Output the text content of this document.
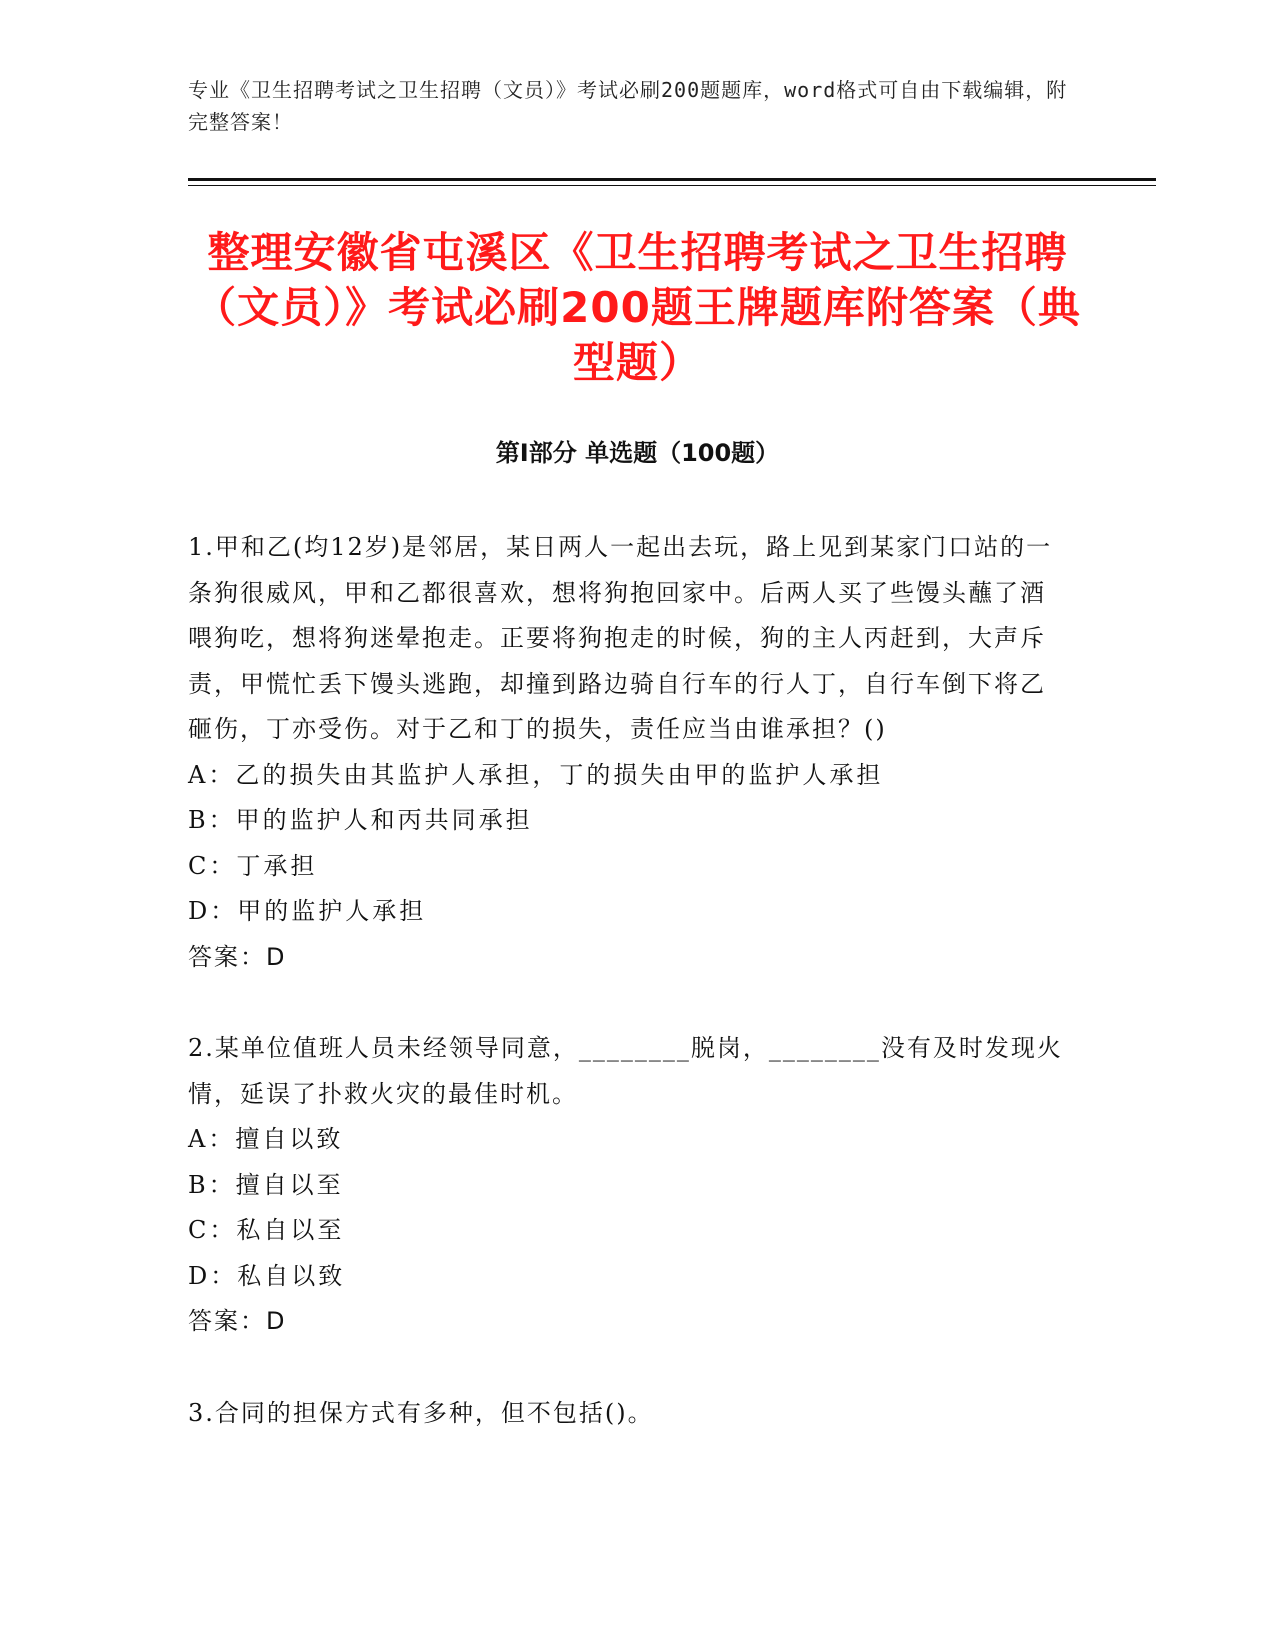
专业《卫生招聘考试之卫生招聘（文员）》考试必刷200题题库，word格式可自由下载编辑，附完整答案！
整理安徽省屯溪区《卫生招聘考试之卫生招聘（文员）》考试必刷200题王牌题库附答案（典型题）
第Ⅰ部分 单选题（100题）
1.甲和乙(均12岁)是邻居，某日两人一起出去玩，路上见到某家门口站的一条狗很威风，甲和乙都很喜欢，想将狗抱回家中。后两人买了些馒头蘸了酒喂狗吃，想将狗迷晕抱走。正要将狗抱走的时候，狗的主人丙赶到，大声斥责，甲慌忙丢下馒头逃跑，却撞到路边骑自行车的行人丁，自行车倒下将乙砸伤，丁亦受伤。对于乙和丁的损失，责任应当由谁承担？()
A：乙的损失由其监护人承担，丁的损失由甲的监护人承担
B：甲的监护人和丙共同承担
C：丁承担
D：甲的监护人承担
答案：D
2.某单位值班人员未经领导同意，________脱岗，________没有及时发现火情，延误了扑救火灾的最佳时机。
A：擅自以致
B：擅自以至
C：私自以至
D：私自以致
答案：D
3.合同的担保方式有多种，但不包括()。
